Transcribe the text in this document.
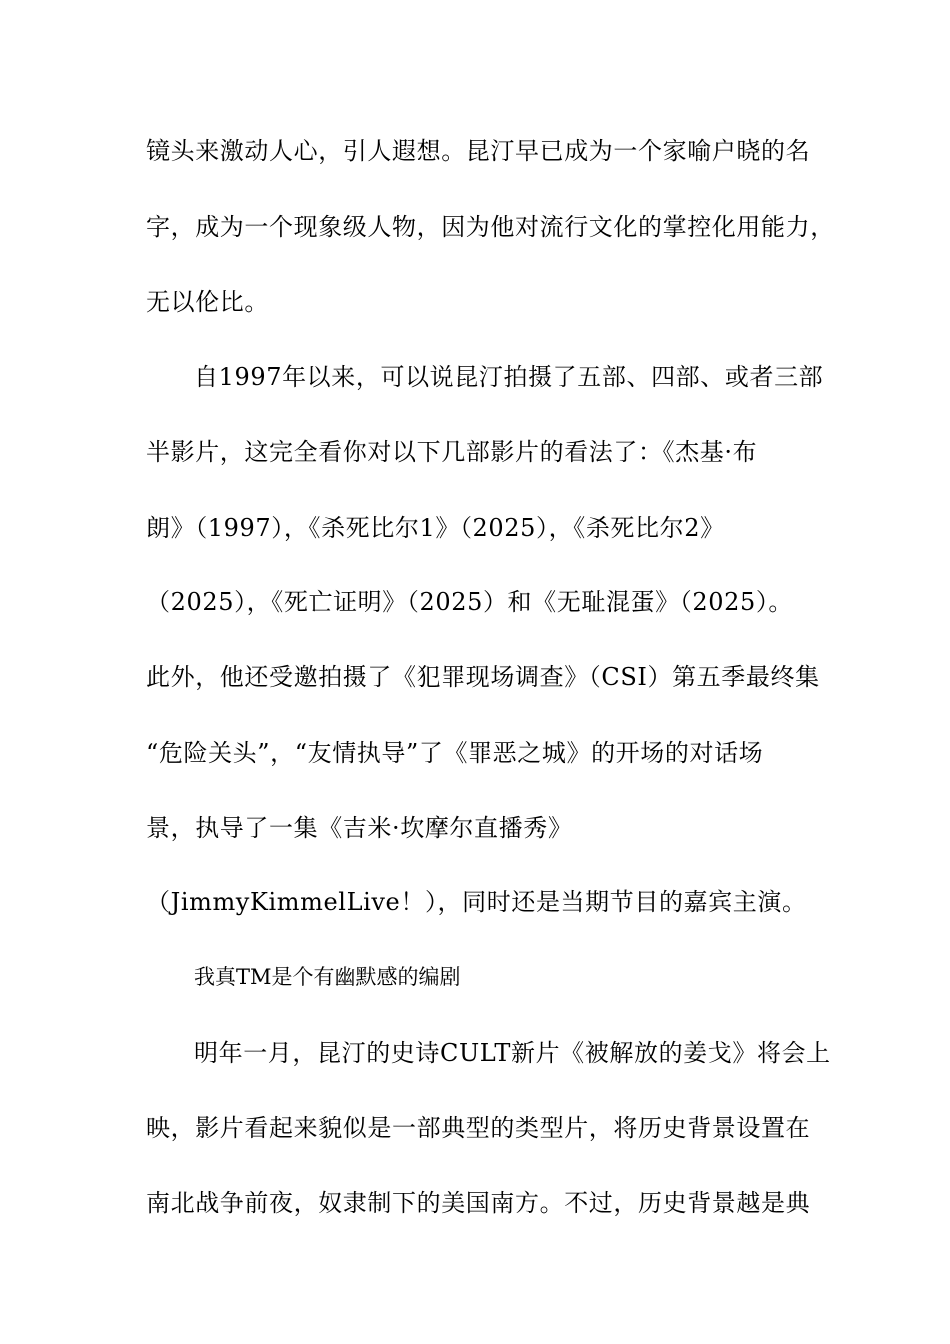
镜头来激动人心，引人遐想。昆汀早已成为一个家喻户晓的名
字，成为一个现象级人物，因为他对流行文化的掌控化用能力，
无以伦比。
自1997年以来，可以说昆汀拍摄了五部、四部、或者三部
半影片，这完全看你对以下几部影片的看法了：《杰基·布
朗》（1997），《杀死比尔1》（2025），《杀死比尔2》
（2025），《死亡证明》（2025）和《无耻混蛋》（2025）。
此外，他还受邀拍摄了《犯罪现场调查》（CSI）第五季最终集
“危险关头”，“友情执导”了《罪恶之城》的开场的对话场
景，执导了一集《吉米·坎摩尔直播秀》
（JimmyKimmelLive！），同时还是当期节目的嘉宾主演。
我真TM是个有幽默感的编剧
明年一月，昆汀的史诗CULT新片《被解放的姜戈》将会上
映，影片看起来貌似是一部典型的类型片，将历史背景设置在
南北战争前夜，奴隶制下的美国南方。不过，历史背景越是典
